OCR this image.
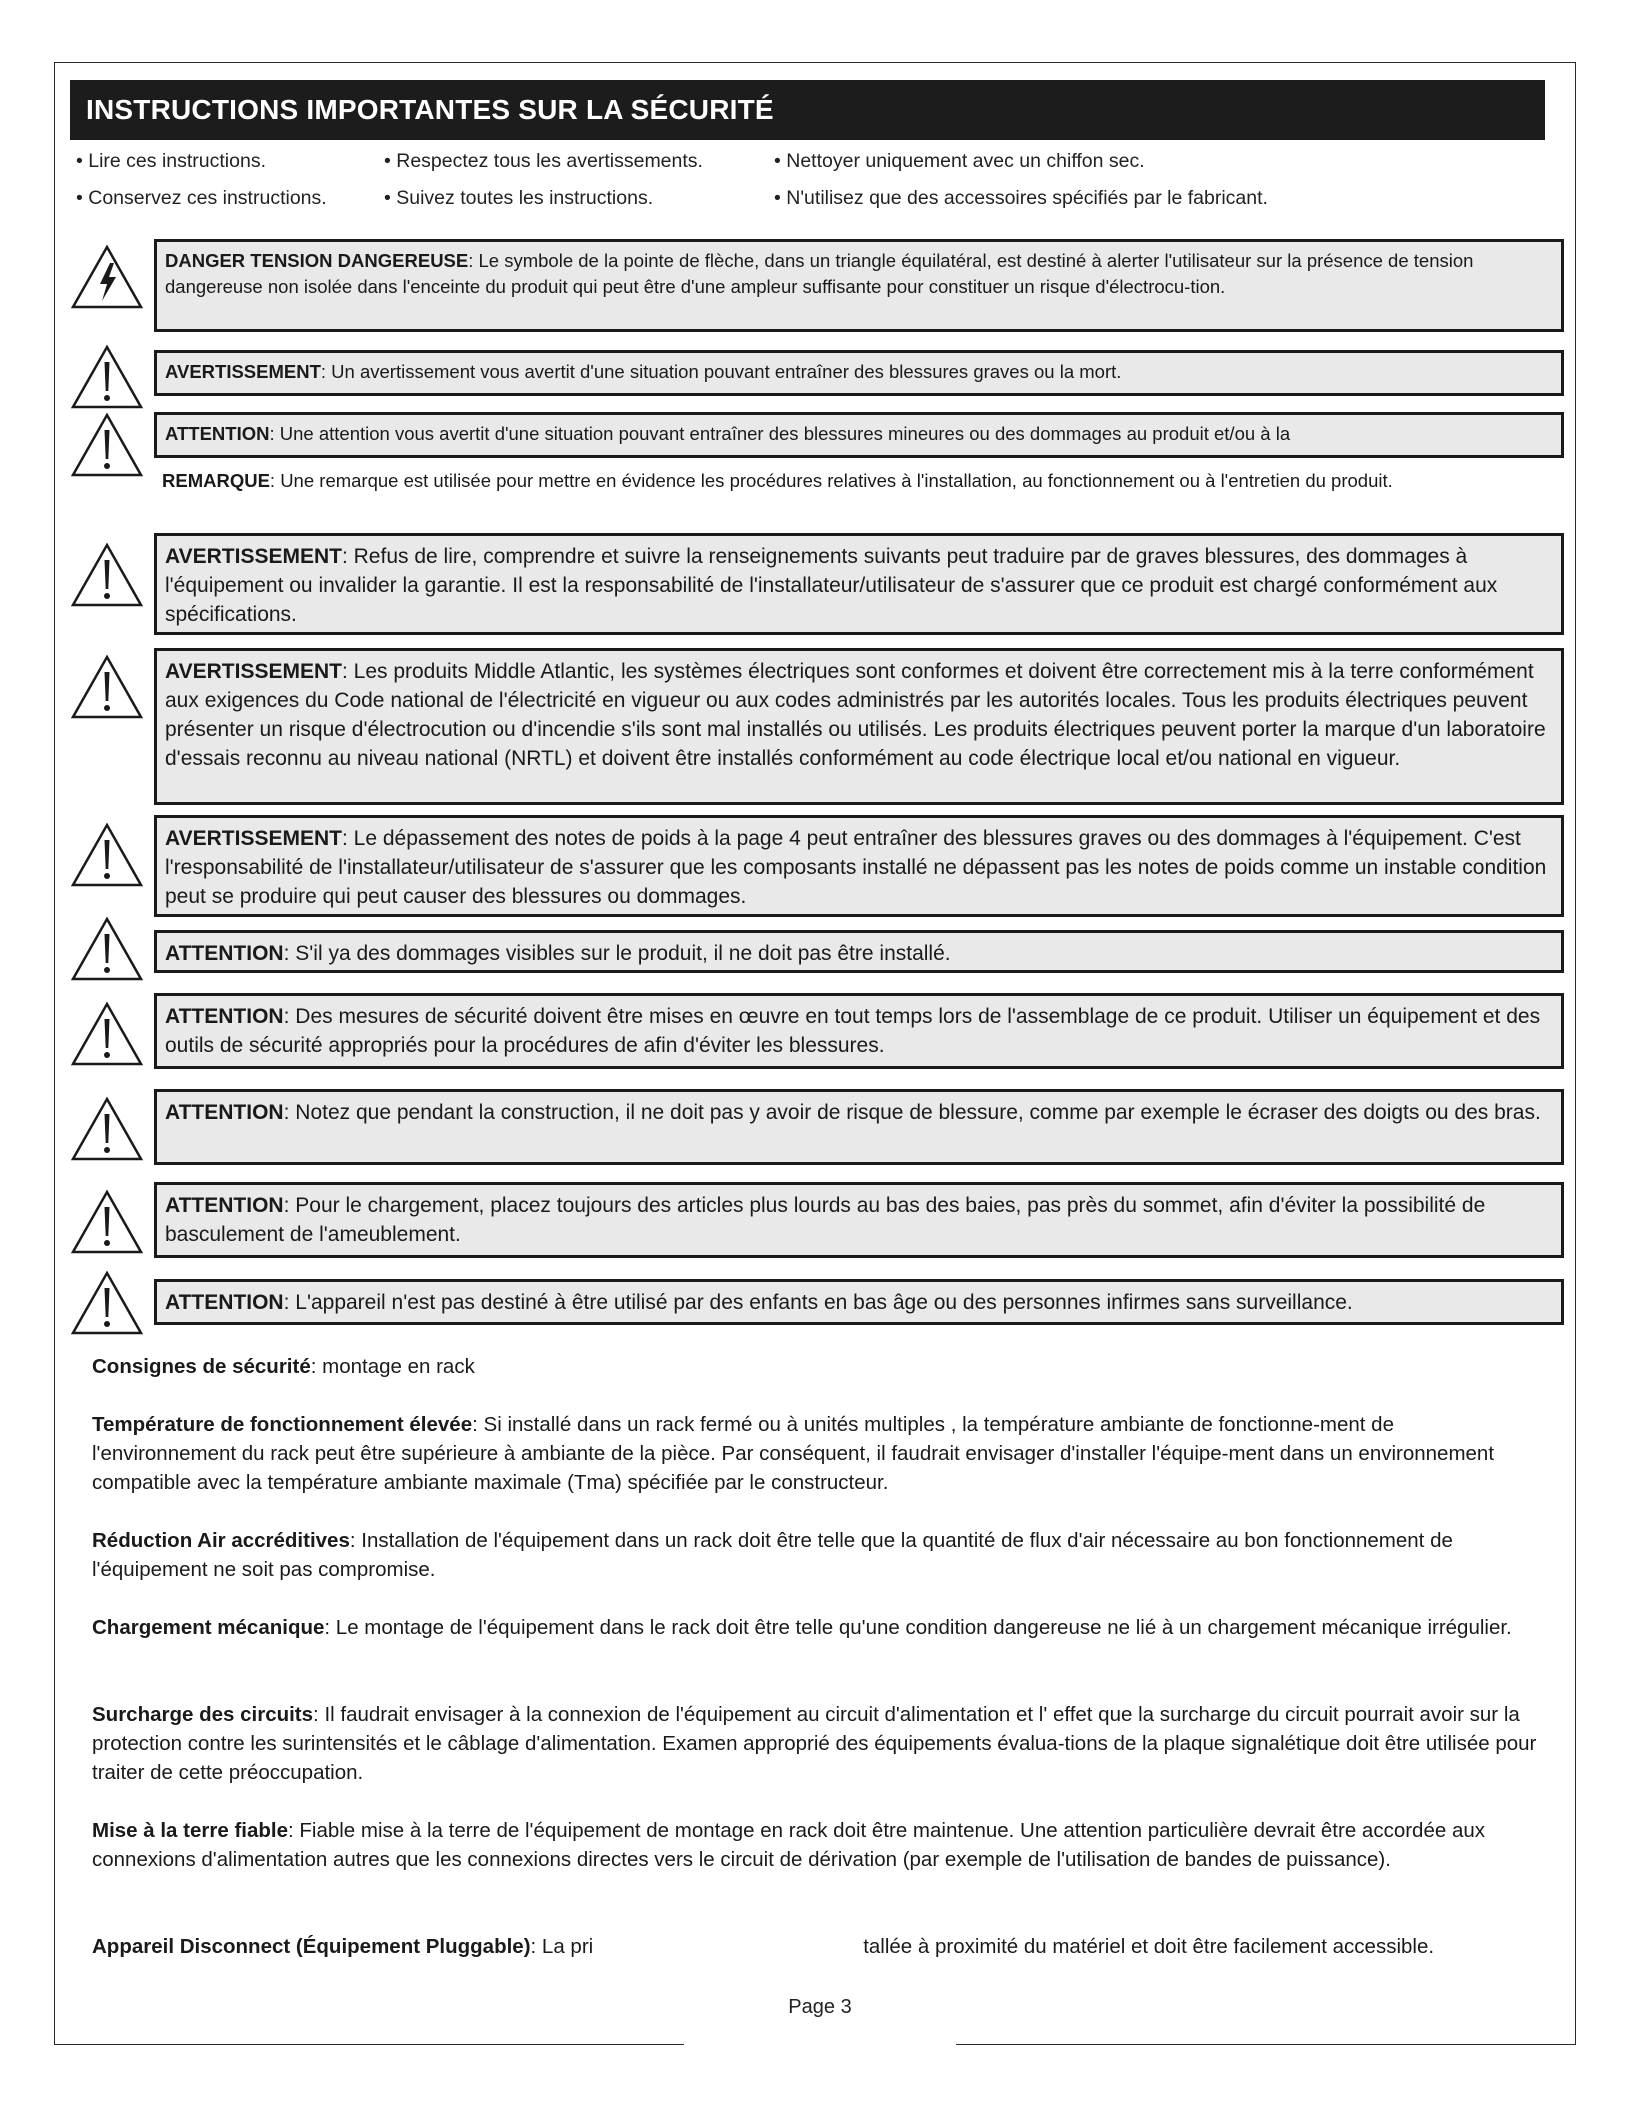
INSTRUCTIONS IMPORTANTES SUR LA SÉCURITÉ
• Lire ces instructions.	• Respectez tous les avertissements.	• Nettoyer uniquement avec un chiffon sec.
• Conservez ces instructions.	• Suivez toutes les instructions.	• N'utilisez que des accessoires spécifiés par le fabricant.
DANGER TENSION DANGEREUSE: Le symbole de la pointe de flèche, dans un triangle équilatéral, est destiné à alerter l'utilisateur sur la présence de tension dangereuse non isolée dans l'enceinte du produit qui peut être d'une ampleur suffisante pour constituer un risque d'électrocu-tion.
AVERTISSEMENT: Un avertissement vous avertit d'une situation pouvant entraîner des blessures graves ou la mort.
ATTENTION: Une attention vous avertit d'une situation pouvant entraîner des blessures mineures ou des dommages au produit et/ou à la
REMARQUE: Une remarque est utilisée pour mettre en évidence les procédures relatives à l'installation, au fonctionnement ou à l'entretien du produit.
AVERTISSEMENT: Refus de lire, comprendre et suivre la renseignements suivants peut traduire par de graves blessures, des dommages à l'équipement ou invalider la garantie. Il est la responsabilité de l'installateur/utilisateur de s'assurer que ce produit est chargé conformément aux spécifications.
AVERTISSEMENT: Les produits Middle Atlantic, les systèmes électriques sont conformes et doivent être correctement mis à la terre conformément aux exigences du Code national de l'électricité en vigueur ou aux codes administrés par les autorités locales. Tous les produits électriques peuvent présenter un risque d'électrocution ou d'incendie s'ils sont mal installés ou utilisés. Les produits électriques peuvent porter la marque d'un laboratoire d'essais reconnu au niveau national (NRTL) et doivent être installés conformément au code électrique local et/ou national en vigueur.
AVERTISSEMENT: Le dépassement des notes de poids à la page 4 peut entraîner des blessures graves ou des dommages à l'équipement. C'est l'responsabilité de l'installateur/utilisateur de s'assurer que les composants installé ne dépassent pas les notes de poids comme un instable condition peut se produire qui peut causer des blessures ou dommages.
ATTENTION: S'il ya des dommages visibles sur le produit, il ne doit pas être installé.
ATTENTION: Des mesures de sécurité doivent être mises en œuvre en tout temps lors de l'assemblage de ce produit. Utiliser un équipement et des outils de sécurité appropriés pour la procédures de afin d'éviter les blessures.
ATTENTION: Notez que pendant la construction, il ne doit pas y avoir de risque de blessure, comme par exemple le écraser des doigts ou des bras.
ATTENTION: Pour le chargement, placez toujours des articles plus lourds au bas des baies, pas près du sommet, afin d'éviter la possibilité de basculement de l'ameublement.
ATTENTION: L'appareil n'est pas destiné à être utilisé par des enfants en bas âge ou des personnes infirmes sans surveillance.
Consignes de sécurité: montage en rack
Température de fonctionnement élevée: Si installé dans un rack fermé ou à unités multiples , la température ambiante de fonctionne-ment de l'environnement du rack peut être supérieure à ambiante de la pièce. Par conséquent, il faudrait envisager d'installer l'équipe-ment dans un environnement compatible avec la température ambiante maximale (Tma) spécifiée par le constructeur.
Réduction Air accréditives: Installation de l'équipement dans un rack doit être telle que la quantité de flux d'air nécessaire au bon fonctionnement de l'équipement ne soit pas compromise.
Chargement mécanique: Le montage de l'équipement dans le rack doit être telle qu'une condition dangereuse ne lié à un chargement mécanique irrégulier.
Surcharge des circuits: Il faudrait envisager à la connexion de l'équipement au circuit d'alimentation et l' effet que la surcharge du circuit pourrait avoir sur la protection contre les surintensités et le câblage d'alimentation. Examen approprié des équipements évalua-tions de la plaque signalétique doit être utilisée pour traiter de cette préoccupation.
Mise à la terre fiable: Fiable mise à la terre de l'équipement de montage en rack doit être maintenue. Une attention particulière devrait être accordée aux connexions d'alimentation autres que les connexions directes vers le circuit de dérivation (par exemple de l'utilisation de bandes de puissance).
Appareil Disconnect (Équipement Pluggable): La pri	tallée à proximité du matériel et doit être facilement accessible.
Page 3
